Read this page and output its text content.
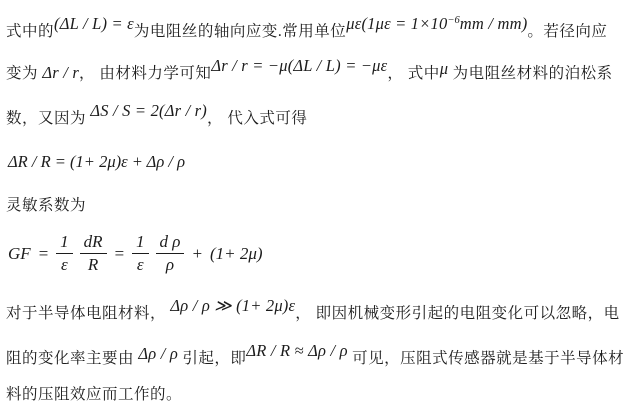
式中的(ΔL / L) = ε为电阻丝的轴向应变.常用单位$\mu\varepsilon(1\mu\varepsilon = 1\times 10^{-6}mm / mm)$。若径向应
变为 Δr / r， 由材料力学可知Δr / r = −μ(ΔL / L) = −με， 式中μ 为电阻丝材料的泊松系
数，又因为 ΔS / S = 2(Δr / r)， 代入式可得
ΔR / R = (1+ 2μ)ε + Δρ / ρ
灵敏系数为
GF = $\frac{1}{\varepsilon} \frac{dR}{R} = \frac{1}{\varepsilon} \frac{\text{d ρ}}{\rho} + (1+ 2\mu)$
对于半导体电阻材料， Δρ / ρ ≫ (1+ 2μ)ε， 即因机械变形引起的电阻变化可以忽略，电
阻的变化率主要由 Δρ / ρ 引起，即ΔR / R ≈ Δρ / ρ 可见，压阻式传感器就是基于半导体材
料的压阻效应而工作的。
